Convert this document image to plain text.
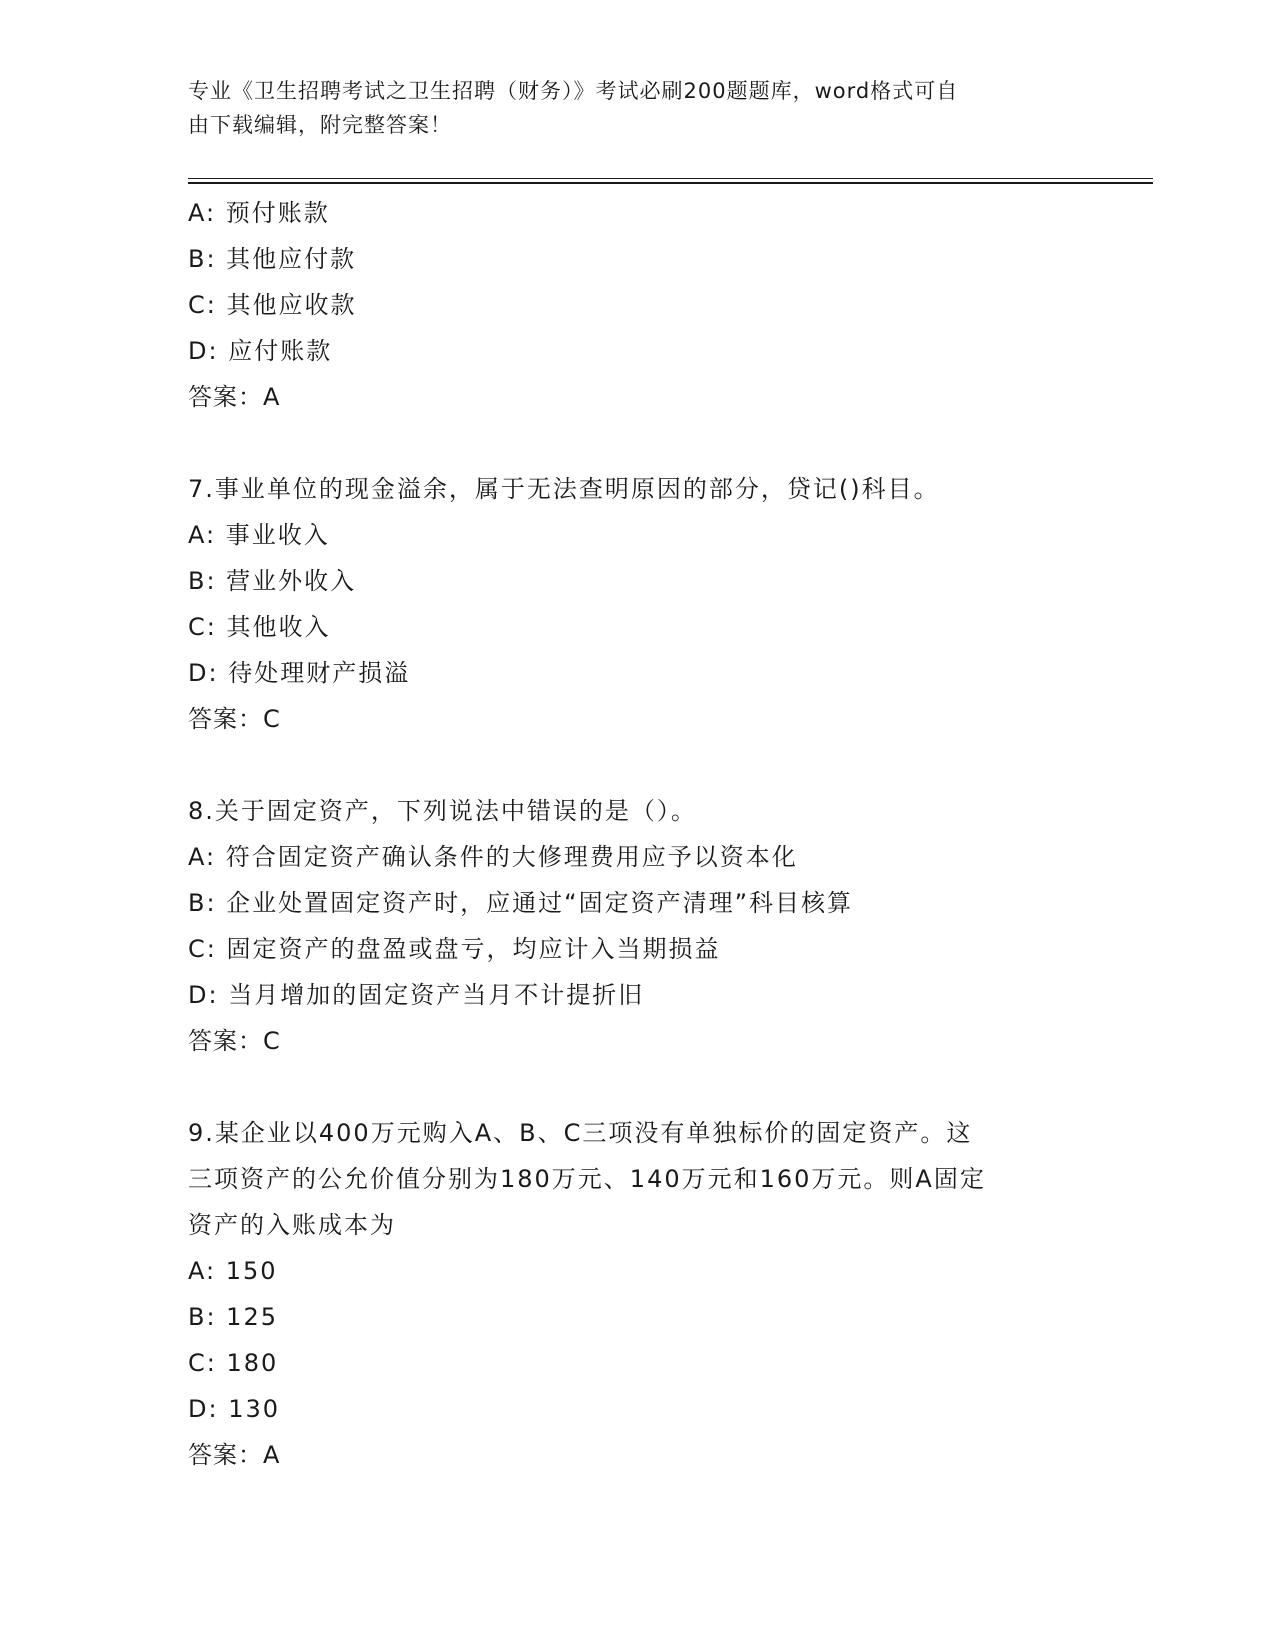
专业《卫生招聘考试之卫生招聘（财务）》考试必刷200题题库，word格式可自
由下载编辑，附完整答案！
A: 预付账款
B: 其他应付款
C: 其他应收款
D: 应付账款
答案：A
7.事业单位的现金溢余，属于无法查明原因的部分，贷记()科目。
A: 事业收入
B: 营业外收入
C: 其他收入
D: 待处理财产损溢
答案：C
8.关于固定资产，下列说法中错误的是（）。
A: 符合固定资产确认条件的大修理费用应予以资本化
B: 企业处置固定资产时，应通过“固定资产清理”科目核算
C: 固定资产的盘盈或盘亏，均应计入当期损益
D: 当月增加的固定资产当月不计提折旧
答案：C
9.某企业以400万元购入A、B、C三项没有单独标价的固定资产。这
三项资产的公允价值分别为180万元、140万元和160万元。则A固定
资产的入账成本为
A: 150
B: 125
C: 180
D: 130
答案：A
